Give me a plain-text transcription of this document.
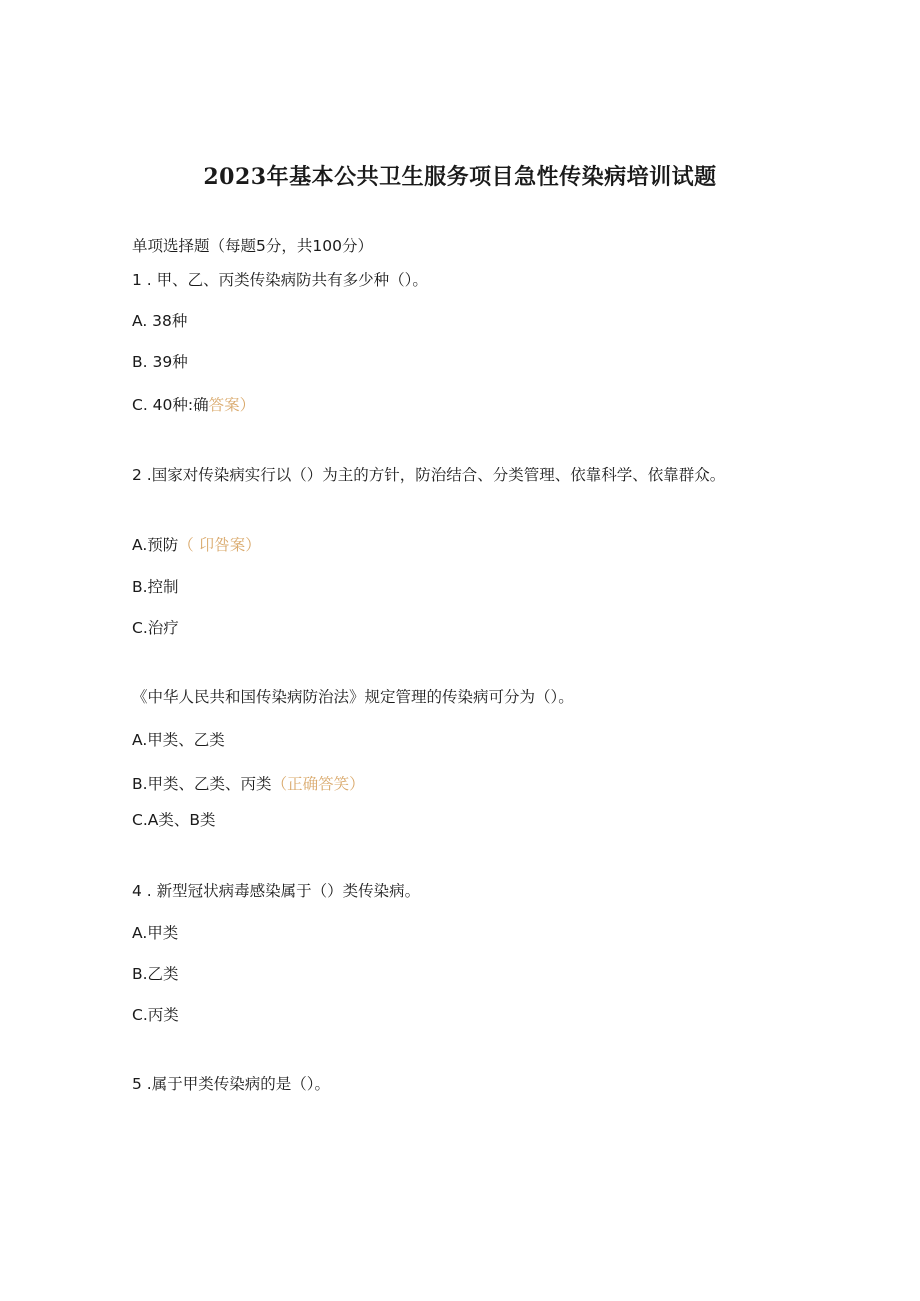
2023年基本公共卫生服务项目急性传染病培训试题
单项选择题（每题5分，共100分）
1 . 甲、乙、丙类传染病防共有多少种（）。
A. 38种
B. 39种
C. 40种:确答案）
2 .国家对传染病实行以（）为主的方针，防治结合、分类管理、依靠科学、依靠群众。
A.预防（ 卬咎案）
B.控制
C.治疗
《中华人民共和国传染病防治法》规定管理的传染病可分为（）。
A.甲类、乙类
B.甲类、乙类、丙类（正确答笑）
C.A类、B类
4 . 新型冠状病毒感染属于（）类传染病。
A.甲类
B.乙类
C.丙类
5 .属于甲类传染病的是（）。
